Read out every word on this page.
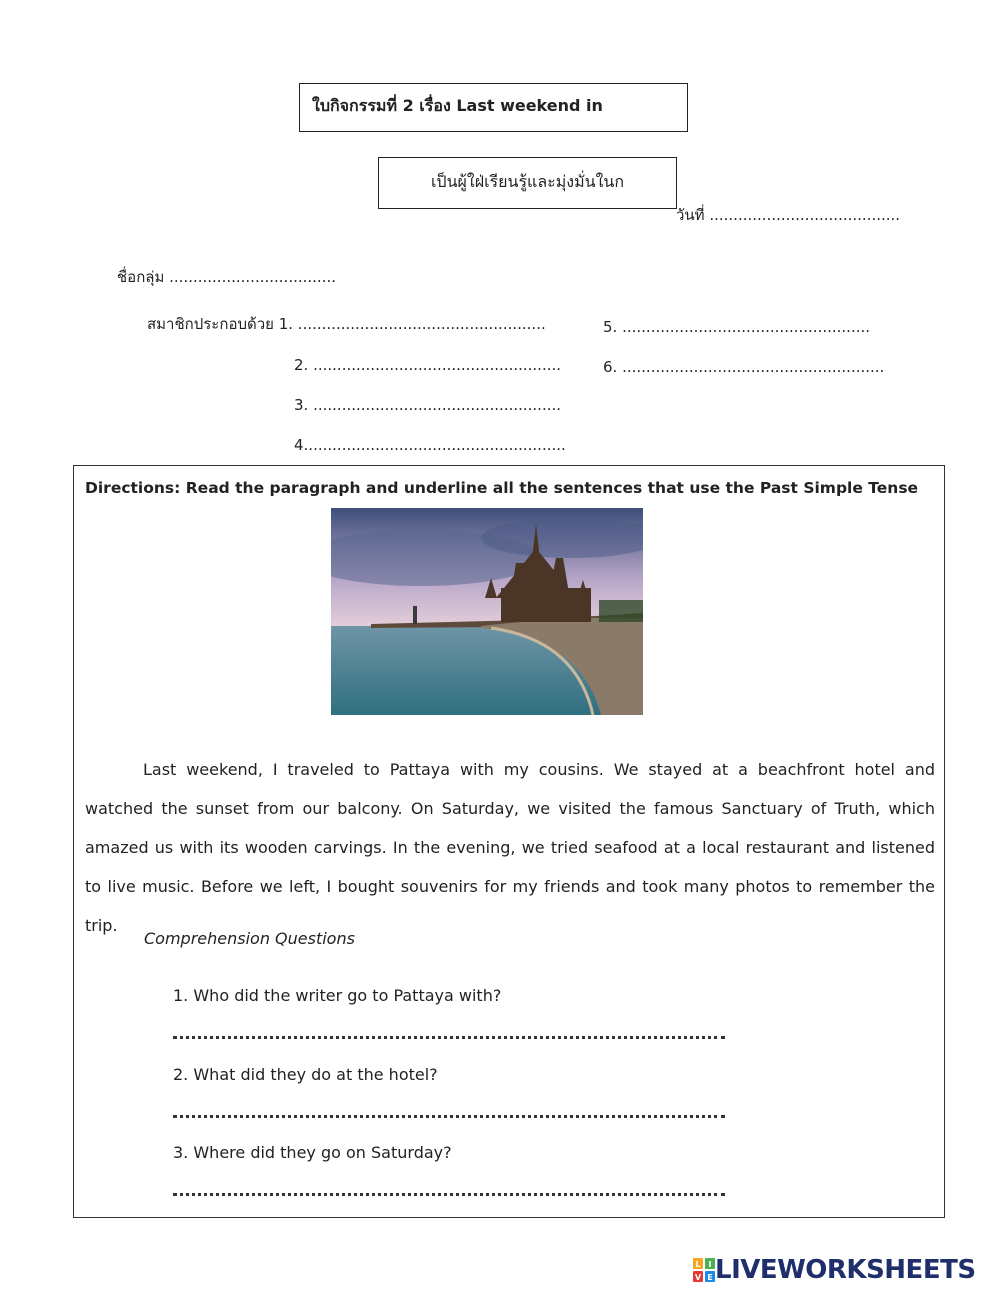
ใบกิจกรรมที่ 2 เรื่อง Last weekend in
เป็นผู้ใฝ่เรียนรู้และมุ่งมั่นในก
วันที่ ........................................
ชื่อกลุ่ม ...................................
สมาชิกประกอบด้วย 1. ....................................................
2. ....................................................
3. ....................................................
4.......................................................
5. ....................................................
6. .......................................................
Directions: Read the paragraph and underline all the sentences that use the Past Simple Tense
Last weekend, I traveled to Pattaya with my cousins. We stayed at a beachfront hotel and watched the sunset from our balcony. On Saturday, we visited the famous Sanctuary of Truth, which amazed us with its wooden carvings. In the evening, we tried seafood at a local restaurant and listened to live music. Before we left, I bought souvenirs for my friends and took many photos to remember the trip.
Comprehension Questions
1. Who did the writer go to Pattaya with?
2. What did they do at the hotel?
3. Where did they go on Saturday?
L I
V E LIVEWORKSHEETS
